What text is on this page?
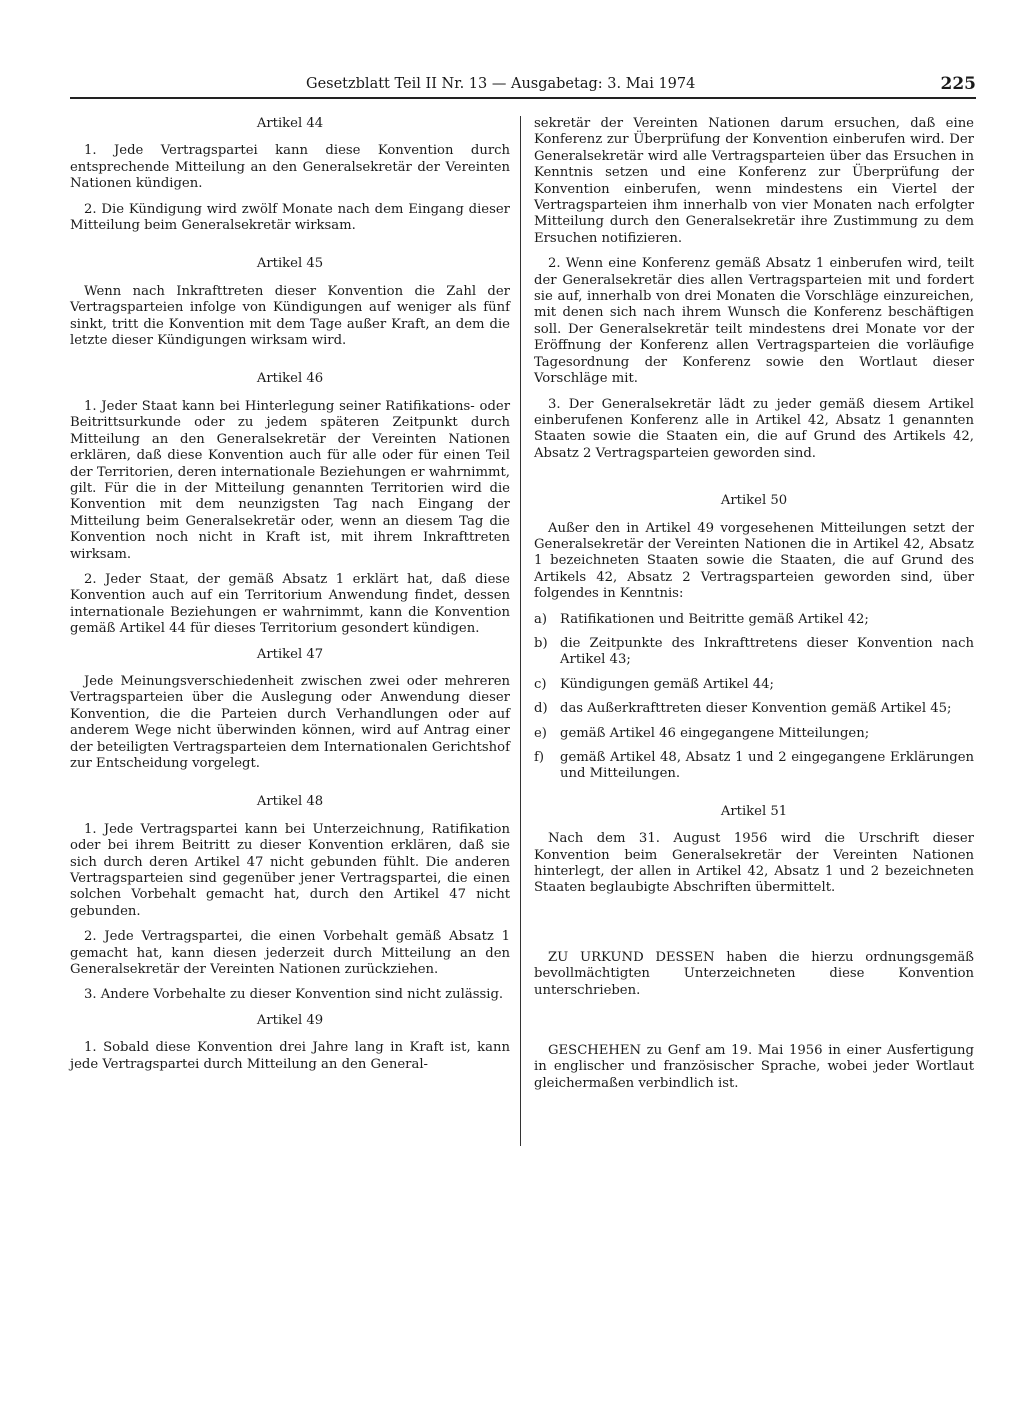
Gesetzblatt Teil II Nr. 13 — Ausgabetag: 3. Mai 1974	225
Artikel 44

1. Jede Vertragspartei kann diese Konvention durch entsprechende Mitteilung an den Generalsekretär der Vereinten Nationen kündigen.

2. Die Kündigung wird zwölf Monate nach dem Eingang dieser Mitteilung beim Generalsekretär wirksam.

Artikel 45

Wenn nach Inkrafttreten dieser Konvention die Zahl der Vertragsparteien infolge von Kündigungen auf weniger als fünf sinkt, tritt die Konvention mit dem Tage außer Kraft, an dem die letzte dieser Kündigungen wirksam wird.

Artikel 46

1. Jeder Staat kann bei Hinterlegung seiner Ratifikations- oder Beitrittsurkunde oder zu jedem späteren Zeitpunkt durch Mitteilung an den Generalsekretär der Vereinten Nationen erklären, daß diese Konvention auch für alle oder für einen Teil der Territorien, deren internationale Beziehungen er wahrnimmt, gilt. Für die in der Mitteilung genannten Territorien wird die Konvention mit dem neunzigsten Tag nach Eingang der Mitteilung beim Generalsekretär oder, wenn an diesem Tag die Konvention noch nicht in Kraft ist, mit ihrem Inkrafttreten wirksam.

2. Jeder Staat, der gemäß Absatz 1 erklärt hat, daß diese Konvention auch auf ein Territorium Anwendung findet, dessen internationale Beziehungen er wahrnimmt, kann die Konvention gemäß Artikel 44 für dieses Territorium gesondert kündigen.

Artikel 47

Jede Meinungsverschiedenheit zwischen zwei oder mehreren Vertragsparteien über die Auslegung oder Anwendung dieser Konvention, die die Parteien durch Verhandlungen oder auf anderem Wege nicht überwinden können, wird auf Antrag einer der beteiligten Vertragsparteien dem Internationalen Gerichtshof zur Entscheidung vorgelegt.

Artikel 48

1. Jede Vertragspartei kann bei Unterzeichnung, Ratifikation oder bei ihrem Beitritt zu dieser Konvention erklären, daß sie sich durch deren Artikel 47 nicht gebunden fühlt. Die anderen Vertragsparteien sind gegenüber jener Vertragspartei, die einen solchen Vorbehalt gemacht hat, durch den Artikel 47 nicht gebunden.

2. Jede Vertragspartei, die einen Vorbehalt gemäß Absatz 1 gemacht hat, kann diesen jederzeit durch Mitteilung an den Generalsekretär der Vereinten Nationen zurückziehen.

3. Andere Vorbehalte zu dieser Konvention sind nicht zulässig.

Artikel 49

1. Sobald diese Konvention drei Jahre lang in Kraft ist, kann jede Vertragspartei durch Mitteilung an den General-

sekretär der Vereinten Nationen darum ersuchen, daß eine Konferenz zur Überprüfung der Konvention einberufen wird. Der Generalsekretär wird alle Vertragsparteien über das Ersuchen in Kenntnis setzen und eine Konferenz zur Überprüfung der Konvention einberufen, wenn mindestens ein Viertel der Vertragsparteien ihm innerhalb von vier Monaten nach erfolgter Mitteilung durch den Generalsekretär ihre Zustimmung zu dem Ersuchen notifizieren.

2. Wenn eine Konferenz gemäß Absatz 1 einberufen wird, teilt der Generalsekretär dies allen Vertragsparteien mit und fordert sie auf, innerhalb von drei Monaten die Vorschläge einzureichen, mit denen sich nach ihrem Wunsch die Konferenz beschäftigen soll. Der Generalsekretär teilt mindestens drei Monate vor der Eröffnung der Konferenz allen Vertragsparteien die vorläufige Tagesordnung der Konferenz sowie den Wortlaut dieser Vorschläge mit.

3. Der Generalsekretär lädt zu jeder gemäß diesem Artikel einberufenen Konferenz alle in Artikel 42, Absatz 1 genannten Staaten sowie die Staaten ein, die auf Grund des Artikels 42, Absatz 2 Vertragsparteien geworden sind.

Artikel 50

Außer den in Artikel 49 vorgesehenen Mitteilungen setzt der Generalsekretär der Vereinten Nationen die in Artikel 42, Absatz 1 bezeichneten Staaten sowie die Staaten, die auf Grund des Artikels 42, Absatz 2 Vertragsparteien geworden sind, über folgendes in Kenntnis:

a) Ratifikationen und Beitritte gemäß Artikel 42;
b) die Zeitpunkte des Inkrafttretens dieser Konvention nach Artikel 43;
c)	Kündigungen gemäß Artikel 44;
d) das Außerkrafttreten dieser Konvention gemäß Artikel 45;
e) gemäß Artikel 46 eingegangene Mitteilungen;
f)	gemäß Artikel 48, Absatz 1 und 2 eingegangene Erklärungen und Mitteilungen.
Artikel 51

Nach dem 31. August 1956 wird die Urschrift dieser Konvention beim Generalsekretär der Vereinten Nationen hinterlegt, der allen in Artikel 42, Absatz 1 und 2 bezeichneten Staaten beglaubigte Abschriften übermittelt.

ZU URKUND DESSEN haben die hierzu ordnungsgemäß bevollmächtigten Unterzeichneten diese Konvention unterschrieben.

GESCHEHEN zu Genf am 19. Mai 1956 in einer Ausfertigung in englischer und französischer Sprache, wobei jeder Wortlaut gleichermaßen verbindlich ist.
